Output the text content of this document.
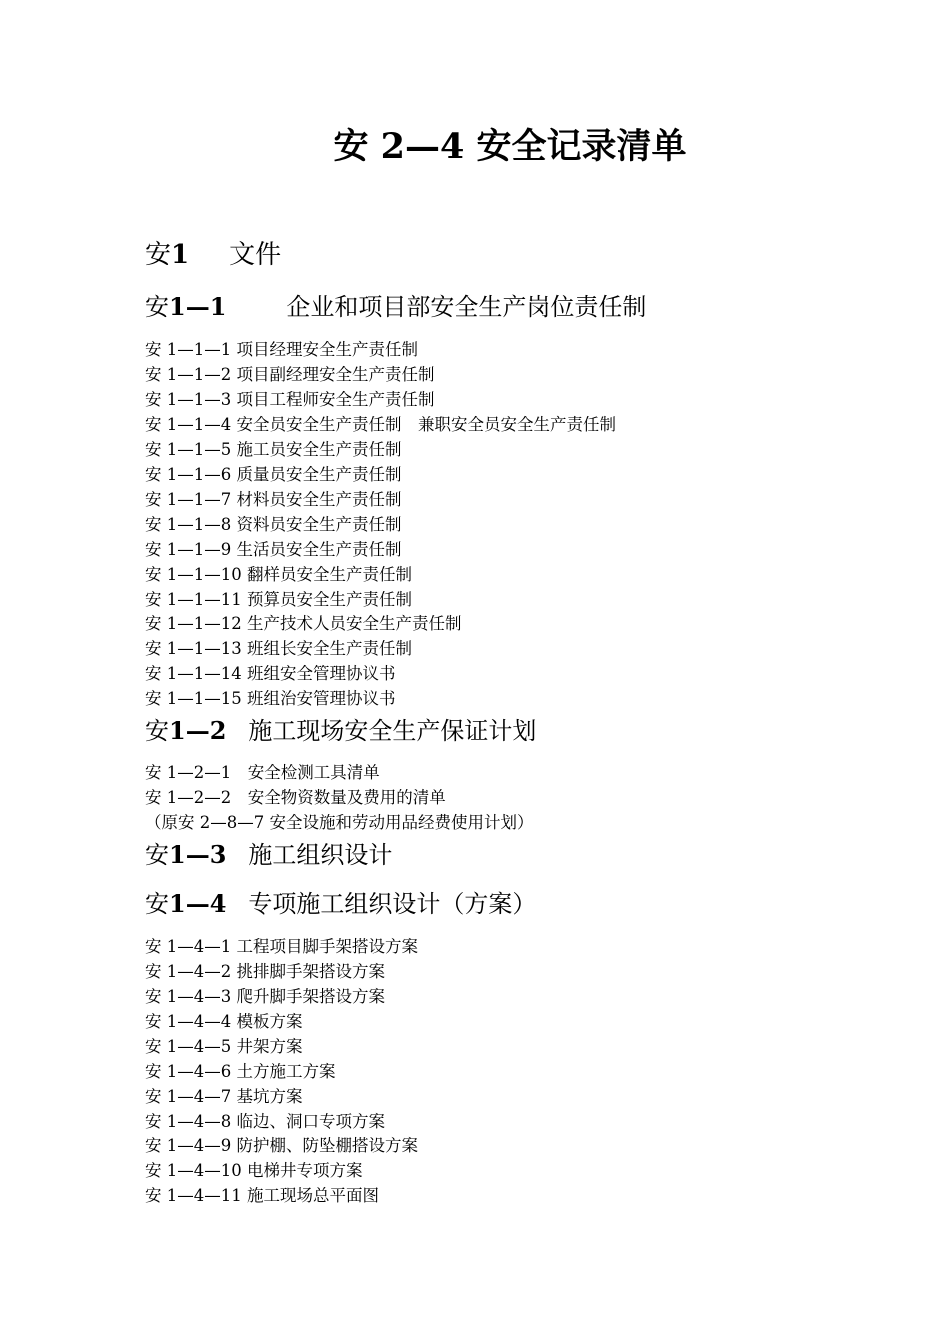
安 2—4 安全记录清单
安1 文件
安1—1	企业和项目部安全生产岗位责任制
安 1—1—1 项目经理安全生产责任制
安 1—1—2 项目副经理安全生产责任制
安 1—1—3 项目工程师安全生产责任制
安 1—1—4 安全员安全生产责任制　兼职安全员安全生产责任制
安 1—1—5 施工员安全生产责任制
安 1—1—6 质量员安全生产责任制
安 1—1—7 材料员安全生产责任制
安 1—1—8 资料员安全生产责任制
安 1—1—9 生活员安全生产责任制
安 1—1—10 翻样员安全生产责任制
安 1—1—11 预算员安全生产责任制
安 1—1—12 生产技术人员安全生产责任制
安 1—1—13 班组长安全生产责任制
安 1—1—14 班组安全管理协议书
安 1—1—15 班组治安管理协议书
安1—2 施工现场安全生产保证计划
安 1—2—1　安全检测工具清单
安 1—2—2　安全物资数量及费用的清单
（原安 2—8—7 安全设施和劳动用品经费使用计划）
安1—3 施工组织设计
安1—4 专项施工组织设计（方案）
安 1—4—1 工程项目脚手架搭设方案
安 1—4—2 挑排脚手架搭设方案
安 1—4—3 爬升脚手架搭设方案
安 1—4—4 模板方案
安 1—4—5 井架方案
安 1—4—6 土方施工方案
安 1—4—7 基坑方案
安 1—4—8 临边、洞口专项方案
安 1—4—9 防护棚、防坠棚搭设方案
安 1—4—10 电梯井专项方案
安 1—4—11 施工现场总平面图
